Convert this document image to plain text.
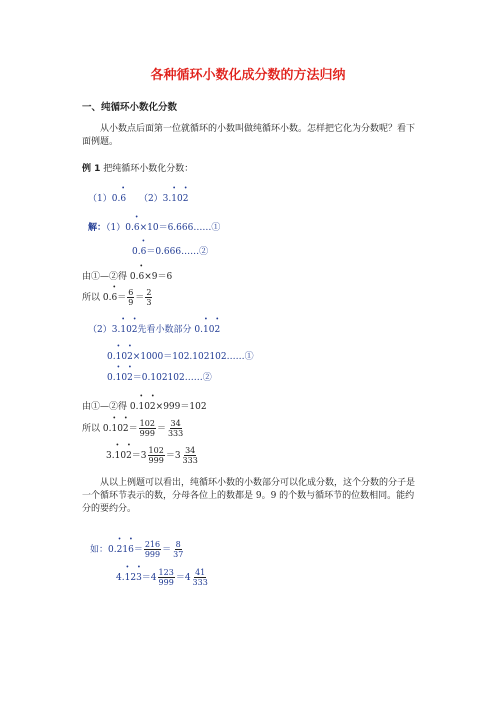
各种循环小数化成分数的方法归纳
一、纯循环小数化分数
从小数点后面第一位就循环的小数叫做纯循环小数。怎样把它化为分数呢？看下面例题。
例 1 把纯循环小数化分数：
（1）0.6 • （2）3.1 •02 •
解：（1）0.6 •×10＝6.666……①
0.6 •＝0.666……②
由①—②得 0.6 •×9＝6
所以 0.6 •＝ $\frac{6}{9} = \frac{2}{3}$
（2）3.1 •02 •先看小数部分 0.1 •02 •
0.1 •02 •×1000＝102.102102……①
0.1 •02 •＝0.102102……②
由①—②得 0.1 •02 •×999＝102
所以 0.1 •02 •＝ $\frac{102}{999} = \frac{34}{333}$
3.1 •02 •＝3 $\frac{102}{999} =3 \frac{34}{333}$
从以上例题可以看出，纯循环小数的小数部分可以化成分数，这个分数的分子是一个循环节表示的数，分母各位上的数都是 9。9 的个数与循环节的位数相同。能约分的要约分。
如：0.2 •16 •＝ $\frac{216}{999} = \frac{8}{37}$
4.1 •23 •＝4 $\frac{123}{999} =4 \frac{41}{333}$
